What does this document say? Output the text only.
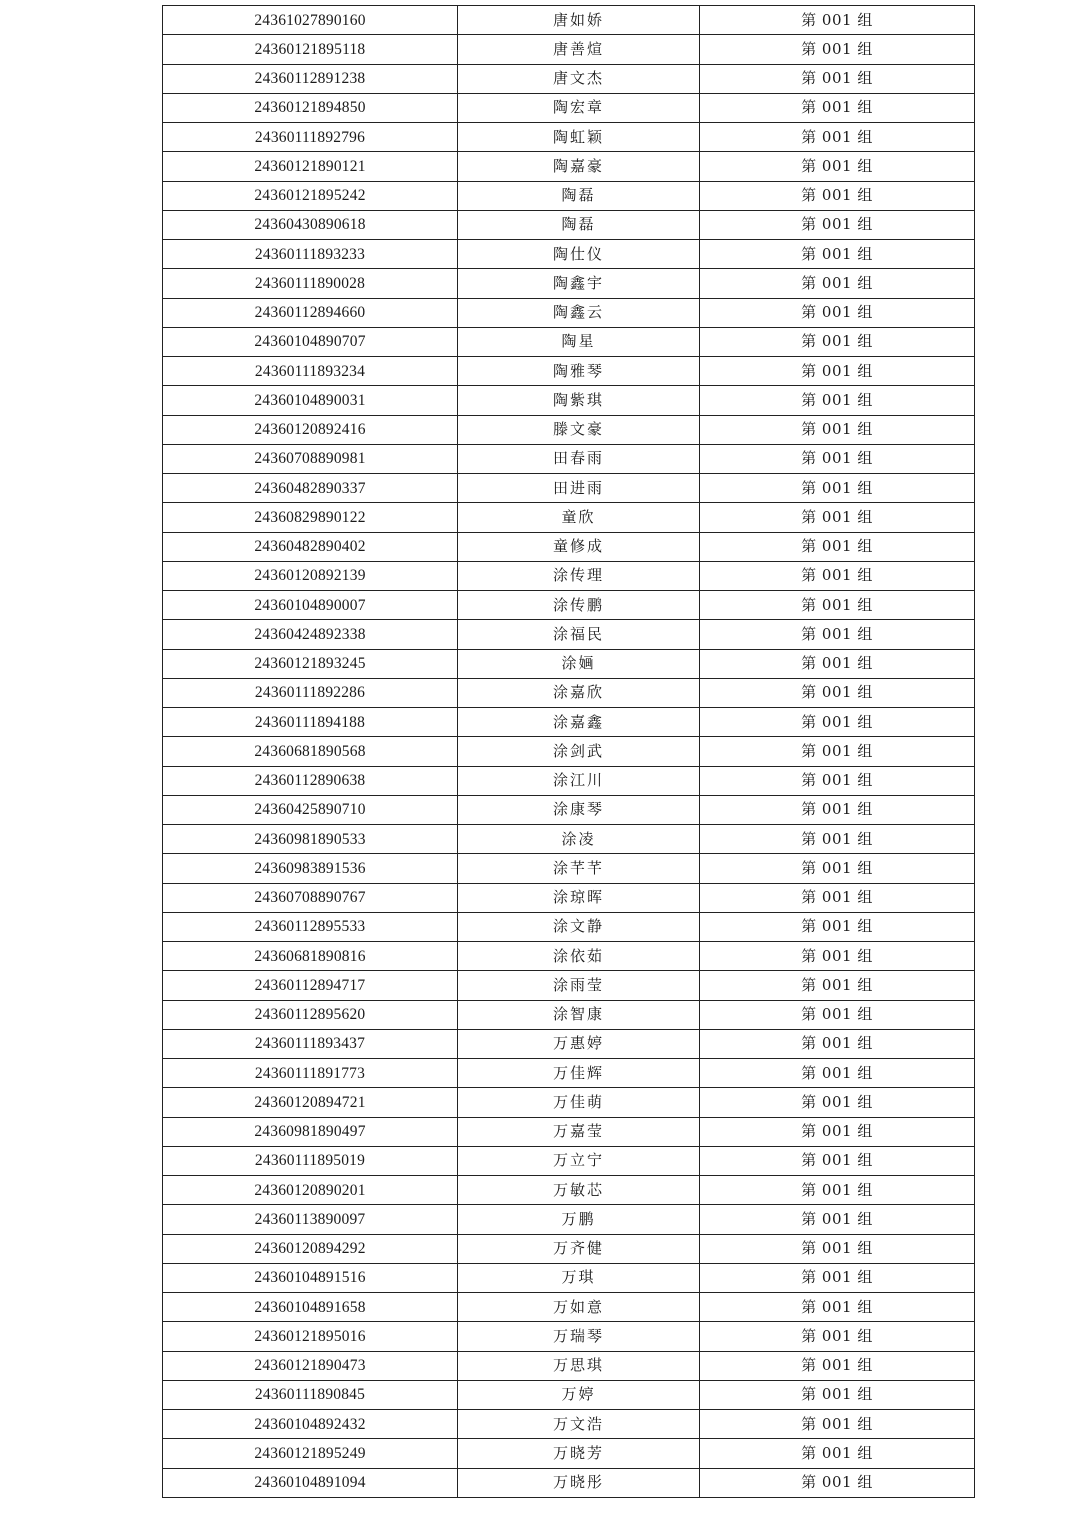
24361027890160	唐如娇	第 001 组
24360121895118	唐善煊	第 001 组
24360112891238	唐文杰	第 001 组
24360121894850	陶宏章	第 001 组
24360111892796	陶虹颖	第 001 组
24360121890121	陶嘉豪	第 001 组
24360121895242	陶磊	第 001 组
24360430890618	陶磊	第 001 组
24360111893233	陶仕仪	第 001 组
24360111890028	陶鑫宇	第 001 组
24360112894660	陶鑫云	第 001 组
24360104890707	陶星	第 001 组
24360111893234	陶雅琴	第 001 组
24360104890031	陶紫琪	第 001 组
24360120892416	滕文豪	第 001 组
24360708890981	田春雨	第 001 组
24360482890337	田进雨	第 001 组
24360829890122	童欣	第 001 组
24360482890402	童修成	第 001 组
24360120892139	涂传理	第 001 组
24360104890007	涂传鹏	第 001 组
24360424892338	涂福民	第 001 组
24360121893245	涂婳	第 001 组
24360111892286	涂嘉欣	第 001 组
24360111894188	涂嘉鑫	第 001 组
24360681890568	涂剑武	第 001 组
24360112890638	涂江川	第 001 组
24360425890710	涂康琴	第 001 组
24360981890533	涂凌	第 001 组
24360983891536	涂芊芊	第 001 组
24360708890767	涂琼晖	第 001 组
24360112895533	涂文静	第 001 组
24360681890816	涂依茹	第 001 组
24360112894717	涂雨莹	第 001 组
24360112895620	涂智康	第 001 组
24360111893437	万惠婷	第 001 组
24360111891773	万佳辉	第 001 组
24360120894721	万佳萌	第 001 组
24360981890497	万嘉莹	第 001 组
24360111895019	万立宁	第 001 组
24360120890201	万敏芯	第 001 组
24360113890097	万鹏	第 001 组
24360120894292	万齐健	第 001 组
24360104891516	万琪	第 001 组
24360104891658	万如意	第 001 组
24360121895016	万瑞琴	第 001 组
24360121890473	万思琪	第 001 组
24360111890845	万婷	第 001 组
24360104892432	万文浩	第 001 组
24360121895249	万晓芳	第 001 组
24360104891094	万晓彤	第 001 组
